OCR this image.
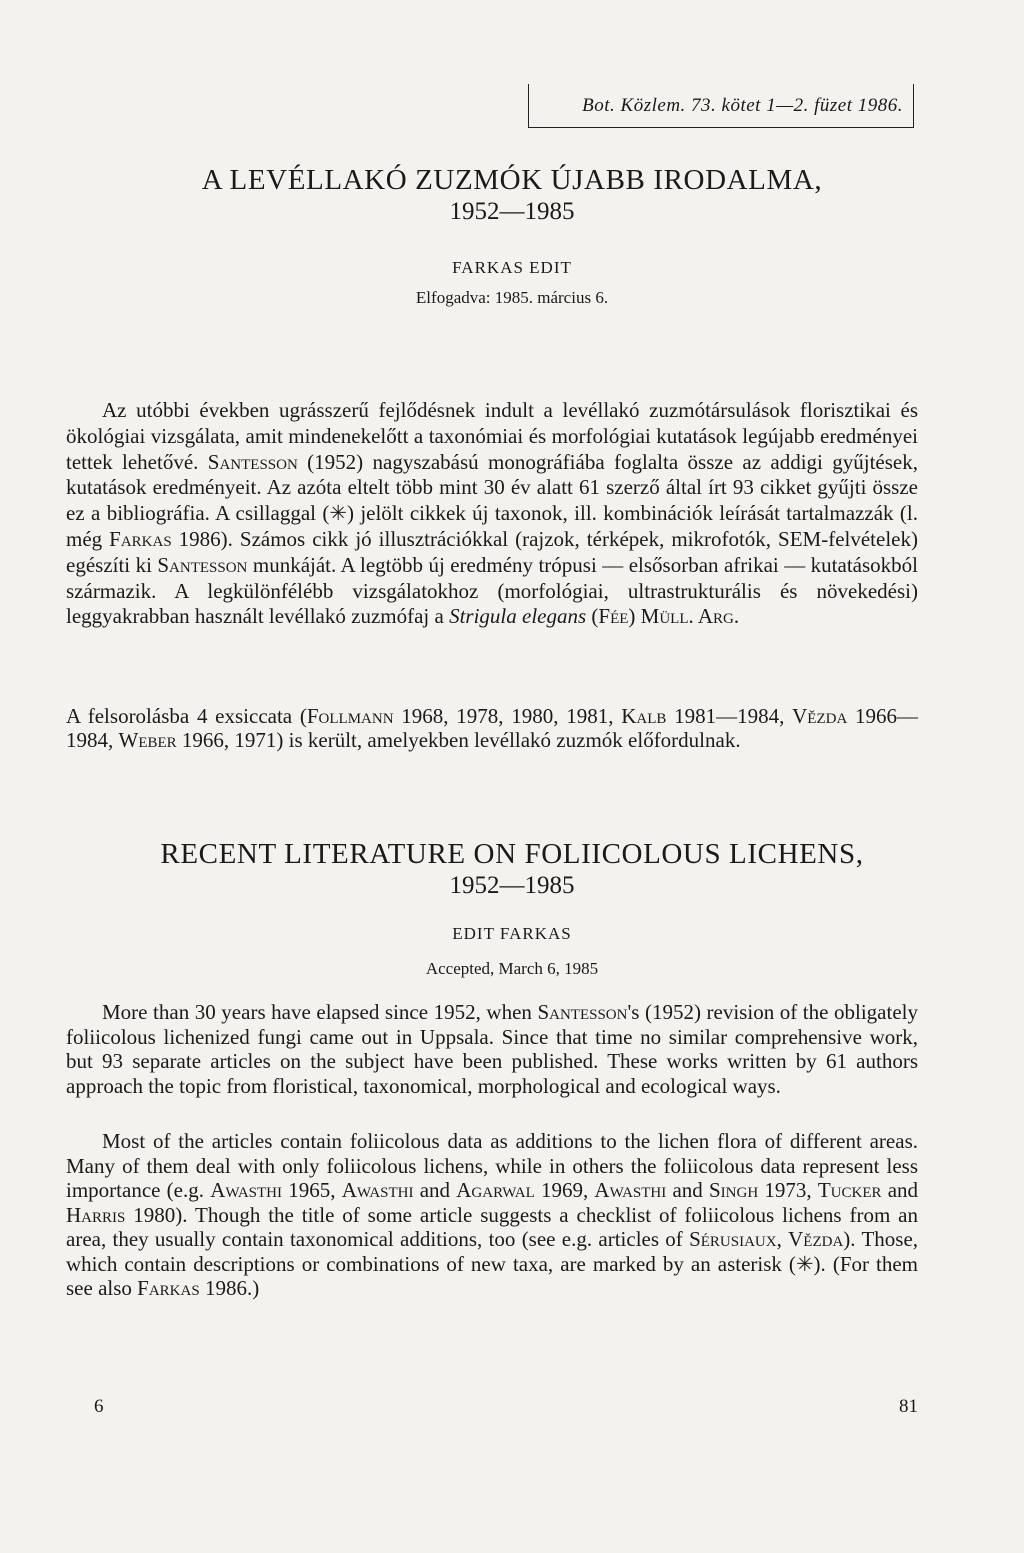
Bot. Közlem. 73. kötet 1—2. füzet 1986.
A LEVÉLLAKÓ ZUZMÓK ÚJABB IRODALMA,
1952—1985
FARKAS EDIT
Elfogadva: 1985. március 6.

Az utóbbi években ugrásszerű fejlődésnek indult a levéllakó zuzmótársulások florisztikai és ökológiai vizsgálata, amit mindenekelőtt a taxonómiai és morfológiai kutatások legújabb eredményei tettek lehetővé. Santesson (1952) nagyszabású monográfiába foglalta össze az addigi gyűjtések, kutatások eredményeit. Az azóta eltelt több mint 30 év alatt 61 szerző által írt 93 cikket gyűjti össze ez a bibliográfia. A csillaggal (✳) jelölt cikkek új taxonok, ill. kombinációk leírását tartalmazzák (l. még Farkas 1986). Számos cikk jó illusztrációkkal (rajzok, térképek, mikrofotók, SEM-felvételek) egészíti ki Santesson munkáját. A legtöbb új eredmény trópusi — elsősorban afrikai — kutatásokból származik. A legkülönfélébb vizsgálatokhoz (morfológiai, ultrastrukturális és növekedési) leggyakrabban használt levéllakó zuzmófaj a Strigula elegans (Fée) Müll. Arg.

A felsorolásba 4 exsiccata (Follmann 1968, 1978, 1980, 1981, Kalb 1981—1984, Vězda 1966—1984, Weber 1966, 1971) is került, amelyekben levéllakó zuzmók előfordulnak.

RECENT LITERATURE ON FOLIICOLOUS LICHENS,
1952—1985
EDIT FARKAS
Accepted, March 6, 1985

More than 30 years have elapsed since 1952, when Santesson's (1952) revision of the obligately foliicolous lichenized fungi came out in Uppsala. Since that time no similar comprehensive work, but 93 separate articles on the subject have been published. These works written by 61 authors approach the topic from floristical, taxonomical, morphological and ecological ways.

Most of the articles contain foliicolous data as additions to the lichen flora of different areas. Many of them deal with only foliicolous lichens, while in others the foliicolous data represent less importance (e.g. Awasthi 1965, Awasthi and Agarwal 1969, Awasthi and Singh 1973, Tucker and Harris 1980). Though the title of some article suggests a checklist of foliicolous lichens from an area, they usually contain taxonomical additions, too (see e.g. articles of Sérusiaux, Vězda). Those, which contain descriptions or combinations of new taxa, are marked by an asterisk (✳). (For them see also Farkas 1986.)

6	81
